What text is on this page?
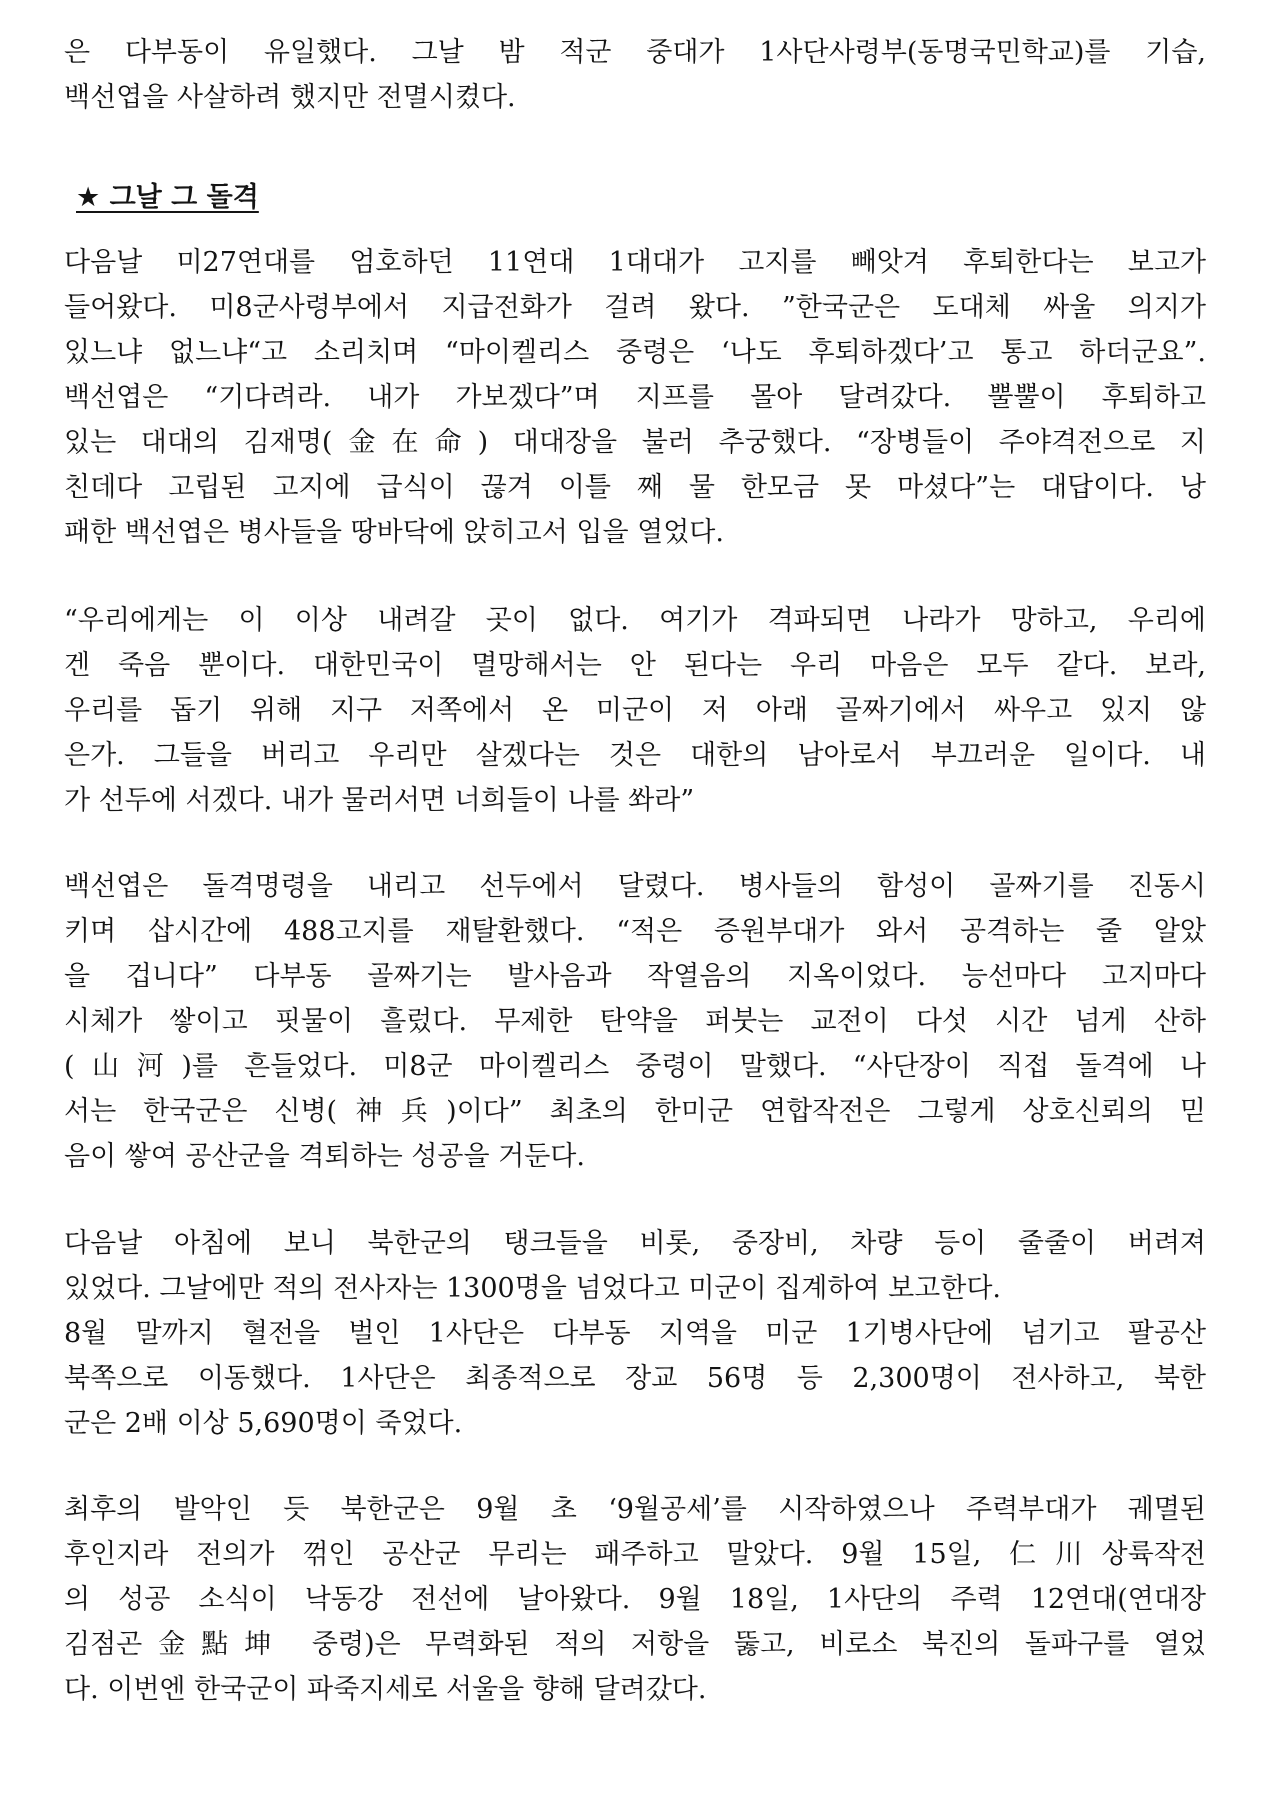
은 다부동이 유일했다. 그날 밤 적군 중대가 1사단사령부(동명국민학교)를 기습,
백선엽을 사살하려 했지만 전멸시켰다.
★ 그날 그 돌격
다음날 미27연대를 엄호하던 11연대 1대대가 고지를 빼앗겨 후퇴한다는 보고가
들어왔다. 미8군사령부에서 지급전화가 걸려 왔다. ”한국군은 도대체 싸울 의지가
있느냐 없느냐“고 소리치며 “마이켈리스 중령은 ‘나도 후퇴하겠다’고 통고 하더군요”.
백선엽은 “기다려라. 내가 가보겠다”며 지프를 몰아 달려갔다. 뿔뿔이 후퇴하고
있는 대대의 김재명(金在命) 대대장을 불러 추궁했다. “장병들이 주야격전으로 지
친데다 고립된 고지에 급식이 끊겨 이틀 째 물 한모금 못 마셨다”는 대답이다. 낭
패한 백선엽은 병사들을 땅바닥에 앉히고서 입을 열었다.
“우리에게는 이 이상 내려갈 곳이 없다. 여기가 격파되면 나라가 망하고, 우리에
겐 죽음 뿐이다. 대한민국이 멸망해서는 안 된다는 우리 마음은 모두 같다. 보라,
우리를 돕기 위해 지구 저쪽에서 온 미군이 저 아래 골짜기에서 싸우고 있지 않
은가. 그들을 버리고 우리만 살겠다는 것은 대한의 남아로서 부끄러운 일이다. 내
가 선두에 서겠다. 내가 물러서면 너희들이 나를 쏴라”
백선엽은 돌격명령을 내리고 선두에서 달렸다. 병사들의 함성이 골짜기를 진동시
키며 삽시간에 488고지를 재탈환했다. “적은 증원부대가 와서 공격하는 줄 알았
을 겁니다” 다부동 골짜기는 발사음과 작열음의 지옥이었다. 능선마다 고지마다
시체가 쌓이고 핏물이 흘렀다. 무제한 탄약을 퍼붓는 교전이 다섯 시간 넘게 산하
(山河)를 흔들었다. 미8군 마이켈리스 중령이 말했다. “사단장이 직접 돌격에 나
서는 한국군은 신병(神兵)이다” 최초의 한미군 연합작전은 그렇게 상호신뢰의 믿
음이 쌓여 공산군을 격퇴하는 성공을 거둔다.
다음날 아침에 보니 북한군의 탱크들을 비롯, 중장비, 차량 등이 줄줄이 버려져
있었다. 그날에만 적의 전사자는 1300명을 넘었다고 미군이 집계하여 보고한다.
8월 말까지 혈전을 벌인 1사단은 다부동 지역을 미군 1기병사단에 넘기고 팔공산
북쪽으로 이동했다. 1사단은 최종적으로 장교 56명 등 2,300명이 전사하고, 북한
군은 2배 이상 5,690명이 죽었다.
최후의 발악인 듯 북한군은 9월 초 ‘9월공세’를 시작하였으나 주력부대가 궤멸된
후인지라 전의가 꺾인 공산군 무리는 패주하고 말았다. 9월 15일, 仁川상륙작전
의 성공 소식이 낙동강 전선에 날아왔다. 9월 18일, 1사단의 주력 12연대(연대장
김점곤金點坤 중령)은 무력화된 적의 저항을 뚫고, 비로소 북진의 돌파구를 열었
다. 이번엔 한국군이 파죽지세로 서울을 향해 달려갔다.
